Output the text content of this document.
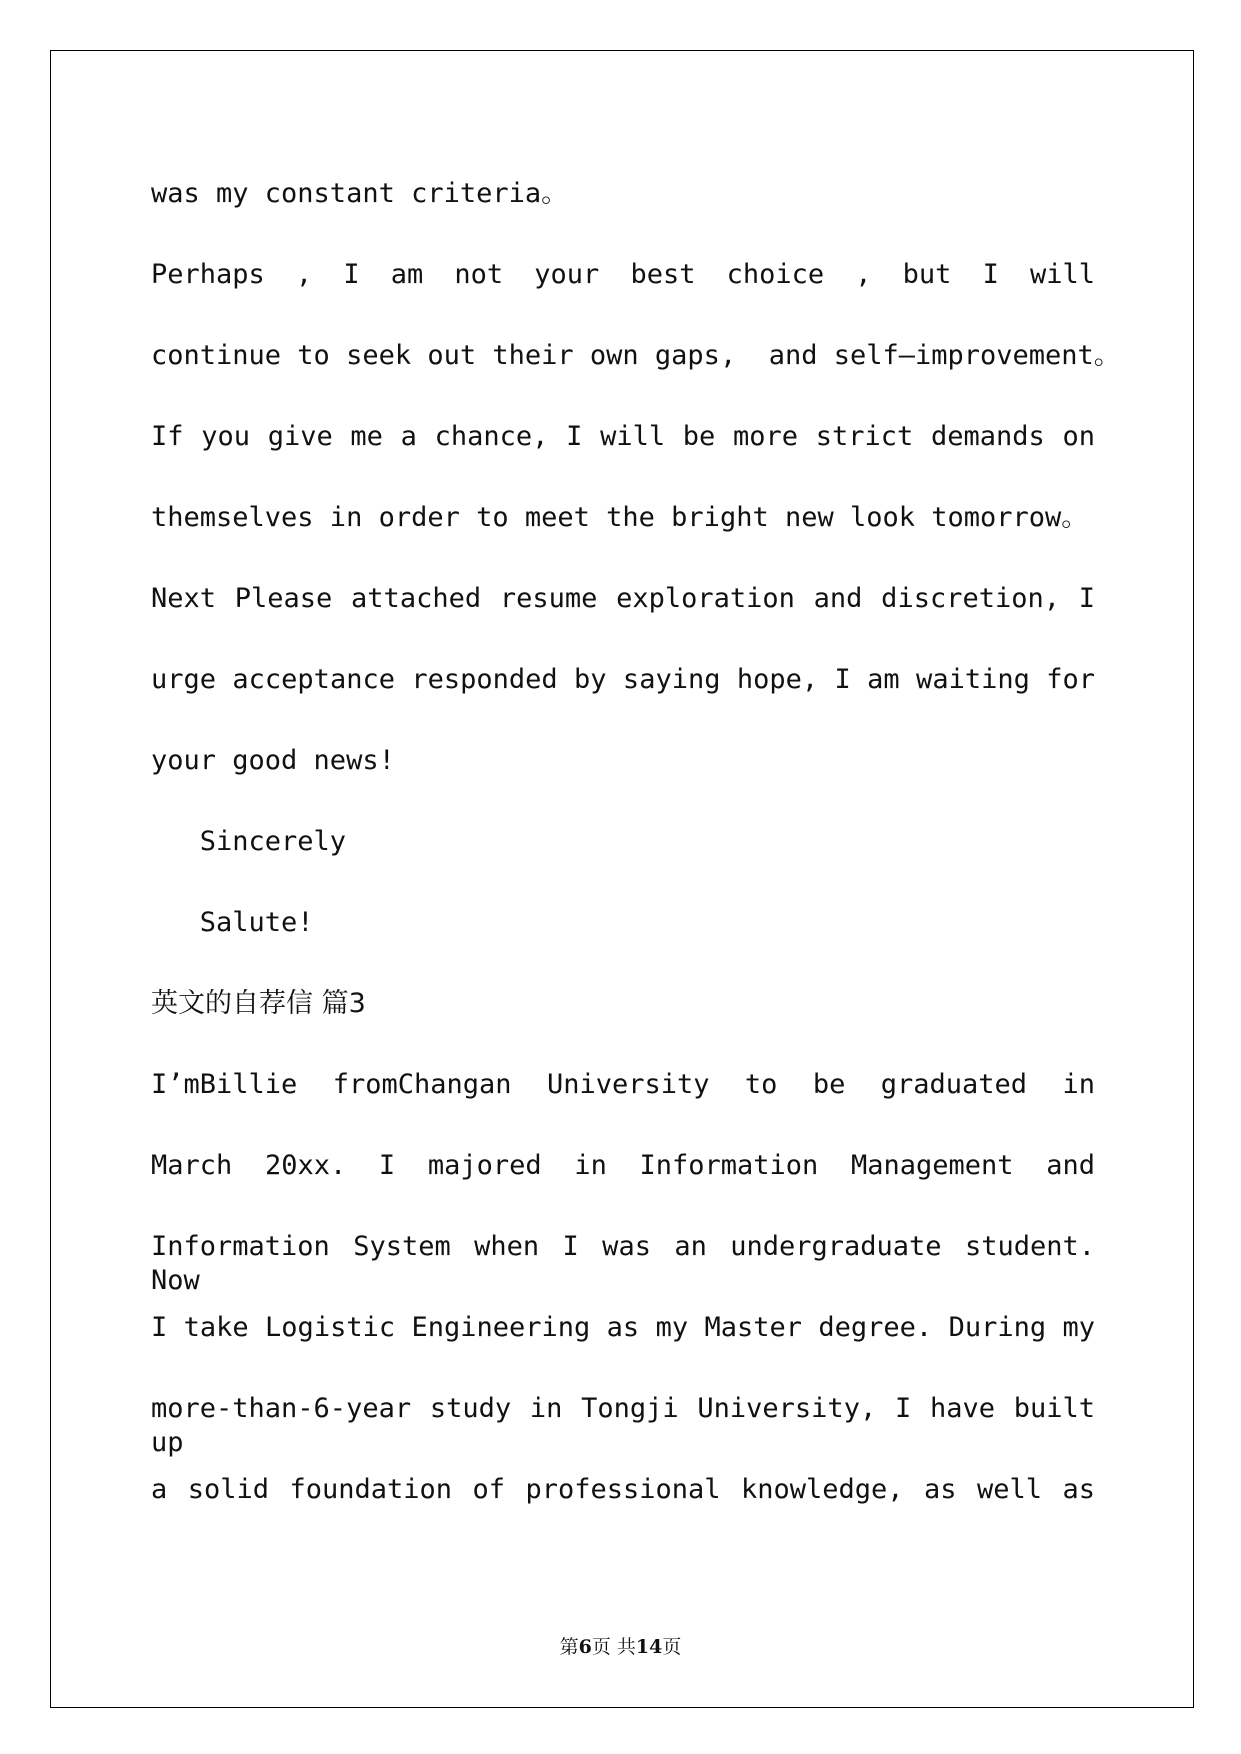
was my constant criteria。
Perhaps , I am not your best choice , but I will
continue to seek out their own gaps,  and self—improvement。
If you give me a chance, I will be more strict demands on
themselves in order to meet the bright new look tomorrow。
Next Please attached resume exploration and discretion, I
urge acceptance responded by saying hope, I am waiting for
your good news!
Sincerely
Salute!
英文的自荐信 篇3
I’mBillie fromChangan University to be graduated in
March 20xx. I majored in Information Management and
Information System when I was an undergraduate student. Now
I take Logistic Engineering as my Master degree. During my
more-than-6-year study in Tongji University, I have built up
a solid foundation of professional knowledge, as well as
第6页 共14页
